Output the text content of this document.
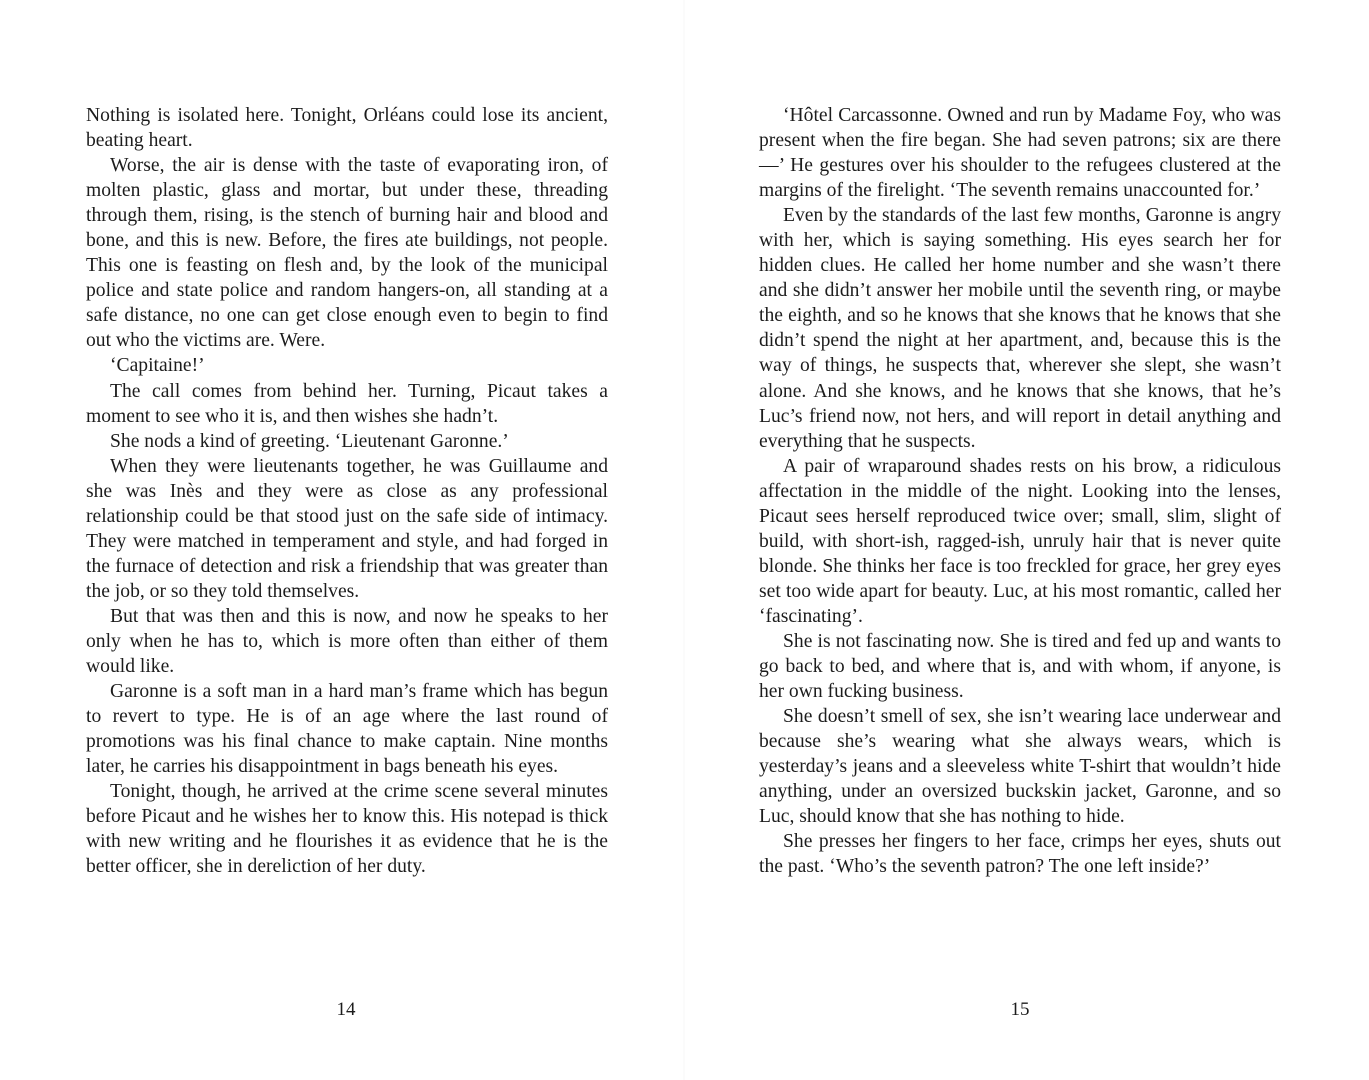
Nothing is isolated here. Tonight, Orléans could lose its ancient, beating heart.

Worse, the air is dense with the taste of evaporating iron, of molten plastic, glass and mortar, but under these, threading through them, rising, is the stench of burning hair and blood and bone, and this is new. Before, the fires ate buildings, not people. This one is feasting on flesh and, by the look of the municipal police and state police and random hangers-on, all standing at a safe distance, no one can get close enough even to begin to find out who the victims are. Were.

‘Capitaine!’

The call comes from behind her. Turning, Picaut takes a moment to see who it is, and then wishes she hadn’t.

She nods a kind of greeting. ‘Lieutenant Garonne.’

When they were lieutenants together, he was Guillaume and she was Inès and they were as close as any professional relationship could be that stood just on the safe side of intimacy. They were matched in temperament and style, and had forged in the furnace of detection and risk a friendship that was greater than the job, or so they told themselves.

But that was then and this is now, and now he speaks to her only when he has to, which is more often than either of them would like.

Garonne is a soft man in a hard man’s frame which has begun to revert to type. He is of an age where the last round of promotions was his final chance to make captain. Nine months later, he carries his disappointment in bags beneath his eyes.

Tonight, though, he arrived at the crime scene several minutes before Picaut and he wishes her to know this. His notepad is thick with new writing and he flourishes it as evidence that he is the better officer, she in dereliction of her duty.

14

‘Hôtel Carcassonne. Owned and run by Madame Foy, who was present when the fire began. She had seven patrons; six are there—’ He gestures over his shoulder to the refugees clustered at the margins of the firelight. ‘The seventh remains unaccounted for.’

Even by the standards of the last few months, Garonne is angry with her, which is saying something. His eyes search her for hidden clues. He called her home number and she wasn’t there and she didn’t answer her mobile until the seventh ring, or maybe the eighth, and so he knows that she knows that he knows that she didn’t spend the night at her apartment, and, because this is the way of things, he suspects that, wherever she slept, she wasn’t alone. And she knows, and he knows that she knows, that he’s Luc’s friend now, not hers, and will report in detail anything and everything that he suspects.

A pair of wraparound shades rests on his brow, a ridiculous affectation in the middle of the night. Looking into the lenses, Picaut sees herself reproduced twice over; small, slim, slight of build, with short-ish, ragged-ish, unruly hair that is never quite blonde. She thinks her face is too freckled for grace, her grey eyes set too wide apart for beauty. Luc, at his most romantic, called her ‘fascinating’.

She is not fascinating now. She is tired and fed up and wants to go back to bed, and where that is, and with whom, if anyone, is her own fucking business.

She doesn’t smell of sex, she isn’t wearing lace underwear and because she’s wearing what she always wears, which is yesterday’s jeans and a sleeveless white T-shirt that wouldn’t hide anything, under an oversized buckskin jacket, Garonne, and so Luc, should know that she has nothing to hide.

She presses her fingers to her face, crimps her eyes, shuts out the past. ‘Who’s the seventh patron? The one left inside?’

15
